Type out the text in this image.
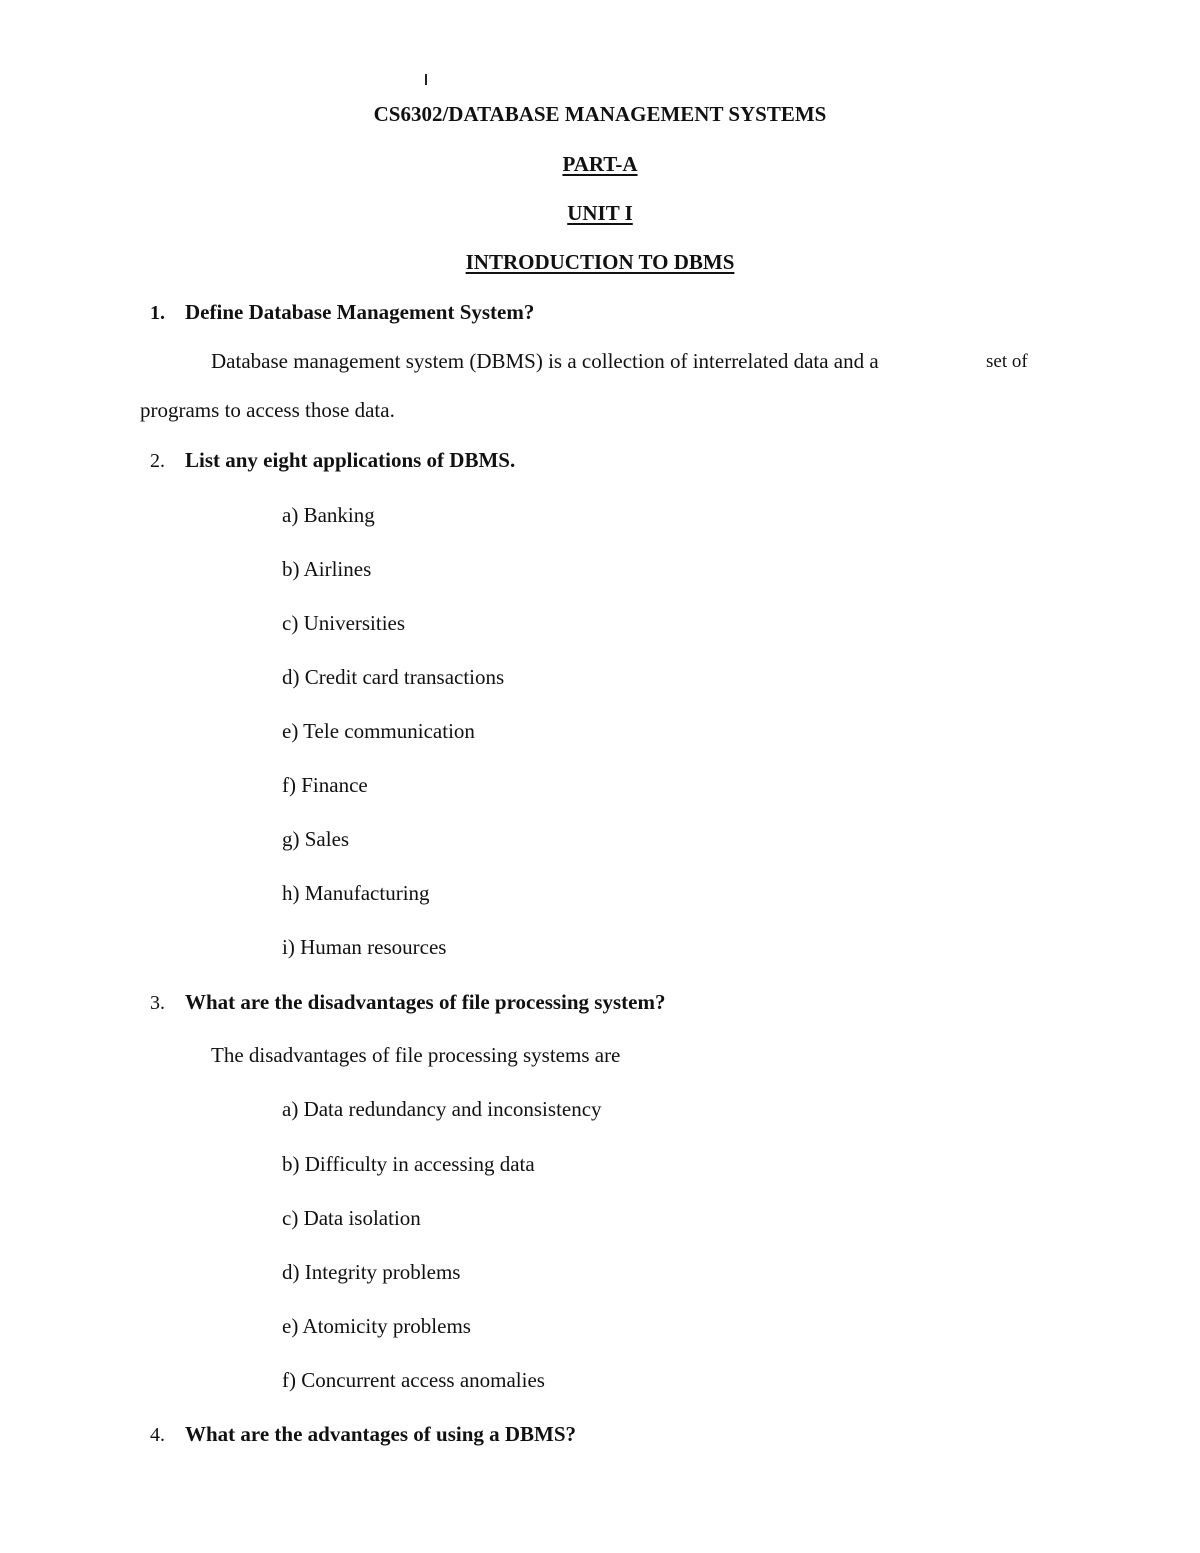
CS6302/DATABASE MANAGEMENT SYSTEMS
PART-A
UNIT I
INTRODUCTION TO DBMS
1. Define Database Management System?
Database management system (DBMS) is a collection of interrelated data and a	set of
programs to access those data.
2. List any eight applications of DBMS.
a) Banking
b) Airlines
c) Universities
d) Credit card transactions
e) Tele communication
f) Finance
g) Sales
h) Manufacturing
i) Human resources
3. What are the disadvantages of file processing system?
The disadvantages of file processing systems are
a) Data redundancy and inconsistency
b) Difficulty in accessing data
c) Data isolation
d) Integrity problems
e) Atomicity problems
f) Concurrent access anomalies
4. What are the advantages of using a DBMS?
